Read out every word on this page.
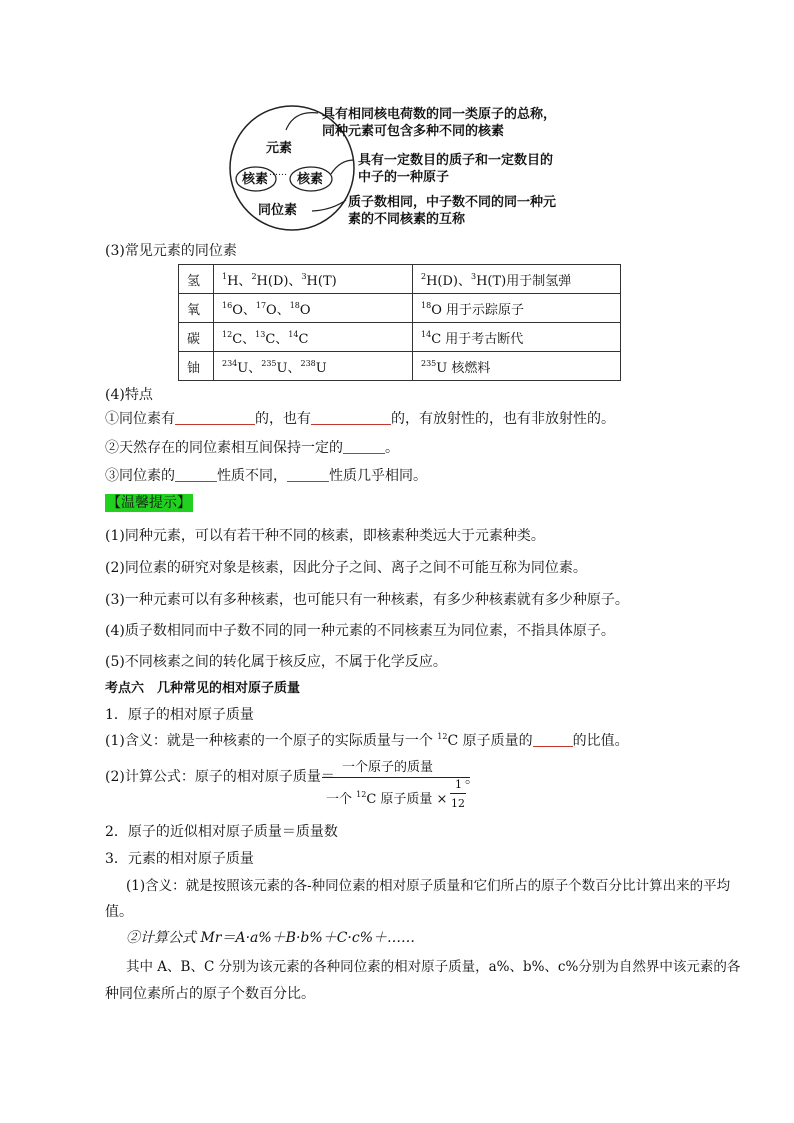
元素
核素 核素
……
同位素
具有相同核电荷数的同一类原子的总称，
同种元素可包含多种不同的核素
具有一定数目的质子和一定数目的
中子的一种原子
质子数相同，中子数不同的同一种元
素的不同核素的互称
(3)常见元素的同位素
氢	$^1$H、$^2$H(D)、$^3$H(T)	$^2$H(D)、$^3$H(T)用于制氢弹
氧	$^{16}$O、$^{17}$O、$^{18}$O	$^{18}$O 用于示踪原子
碳	$^{12}$C、$^{13}$C、$^{14}$C	$^{14}$C 用于考古断代
铀	$^{234}$U、$^{235}$U、$^{238}$U	$^{235}$U 核燃料
(4)特点
①同位素有	的，也有	的，有放射性的，也有非放射性的。
②天然存在的同位素相互间保持一定的	。
③同位素的	性质不同，	性质几乎相同。
【温馨提示】
(1)同种元素，可以有若干种不同的核素，即核素种类远大于元素种类。
(2)同位素的研究对象是核素，因此分子之间、离子之间不可能互称为同位素。
(3)一种元素可以有多种核素，也可能只有一种核素，有多少种核素就有多少种原子。
(4)质子数相同而中子数不同的同一种元素的不同核素互为同位素，不指具体原子。
(5)不同核素之间的转化属于核反应，不属于化学反应。
考点六　几种常见的相对原子质量
1．原子的相对原子质量
(1)含义：就是一种核素的一个原子的实际质量与一个 $^{12}$C 原子质量的	的比值。
(2)计算公式：原子的相对原子质量＝
一个原子的质量
一个 $^{12}$C 原子质量 ×
1
12
。
2．原子的近似相对原子质量＝质量数
3．元素的相对原子质量
(1)含义：就是按照该元素的各-种同位素的相对原子质量和它们所占的原子个数百分比计算出来的平均
值。
②计算公式 Mr＝A·a%＋B·b%＋C·c%＋……
其中 A、B、C 分别为该元素的各种同位素的相对原子质量，a%、b%、c%分别为自然界中该元素的各
种同位素所占的原子个数百分比。
